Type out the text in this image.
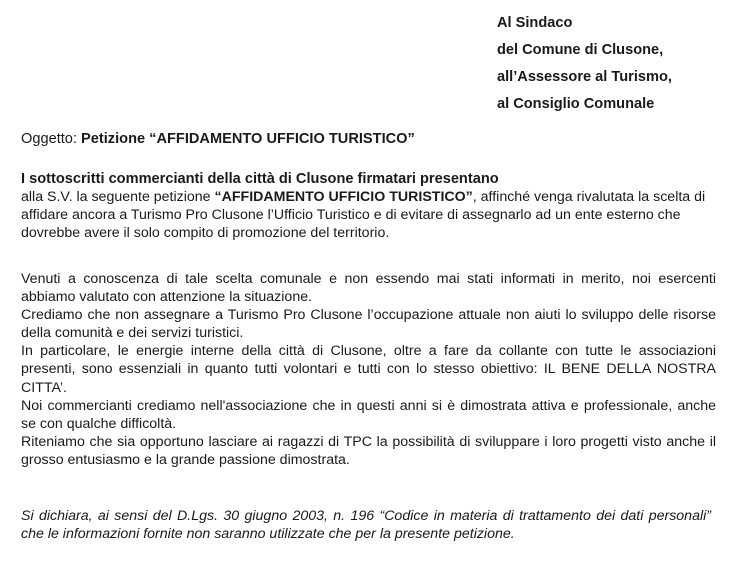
Al Sindaco
del Comune di Clusone,
all’Assessore al Turismo,
al Consiglio Comunale
Oggetto: Petizione “AFFIDAMENTO UFFICIO TURISTICO”
I sottoscritti commercianti della città di Clusone firmatari presentano
alla S.V. la seguente petizione “AFFIDAMENTO UFFICIO TURISTICO”, affinché venga rivalutata la scelta di affidare ancora a Turismo Pro Clusone l’Ufficio Turistico e di evitare di assegnarlo ad un ente esterno che dovrebbe avere il solo compito di promozione del territorio.

Venuti a conoscenza di tale scelta comunale e non essendo mai stati informati in merito, noi esercenti abbiamo valutato con attenzione la situazione.

Crediamo che non assegnare a Turismo Pro Clusone l’occupazione attuale non aiuti lo sviluppo delle risorse della comunità e dei servizi turistici.

In particolare, le energie interne della città di Clusone, oltre a fare da collante con tutte le associazioni presenti, sono essenziali in quanto tutti volontari e tutti con lo stesso obiettivo: IL BENE DELLA NOSTRA CITTA’.

Noi commercianti crediamo nell'associazione che in questi anni si è dimostrata attiva e professionale, anche se con qualche difficoltà.

Riteniamo che sia opportuno lasciare ai ragazzi di TPC la possibilità di sviluppare i loro progetti visto anche il grosso entusiasmo e la grande passione dimostrata.

Si dichiara, ai sensi del D.Lgs. 30 giugno 2003, n. 196 “Codice in materia di trattamento dei dati personali” che le informazioni fornite non saranno utilizzate che per la presente petizione.
